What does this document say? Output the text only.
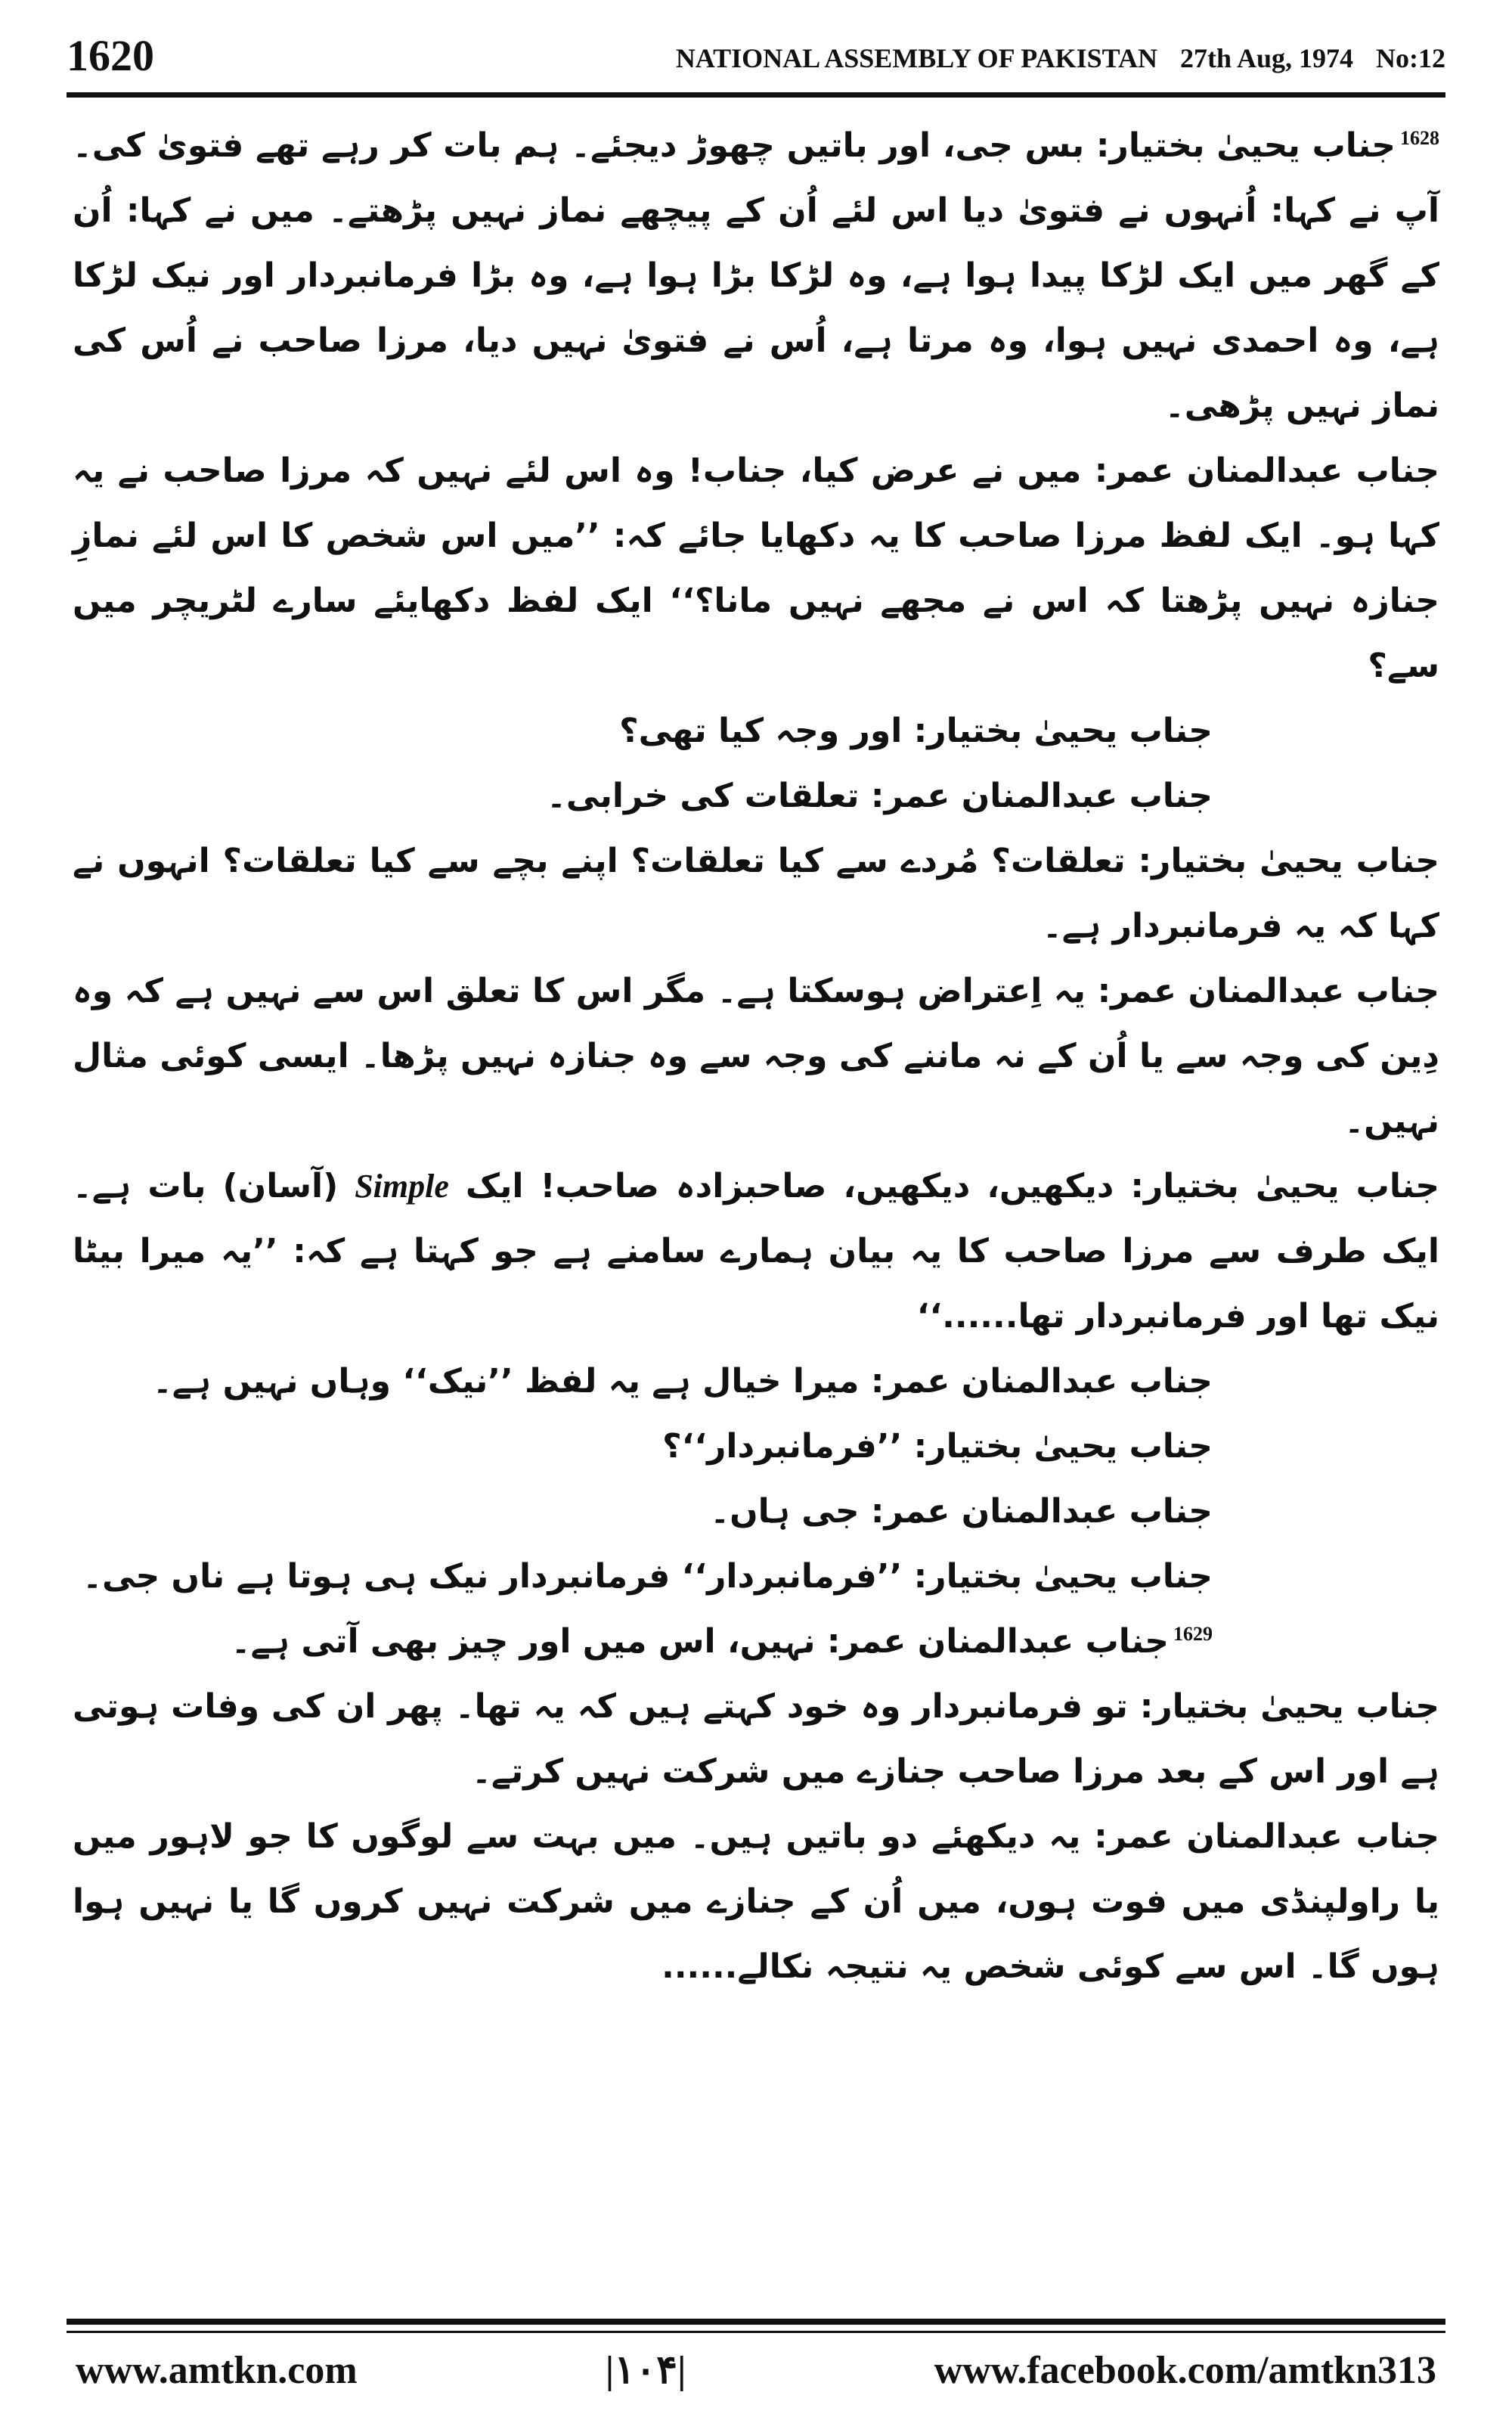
1620	NATIONAL ASSEMBLY OF PAKISTAN 27th Aug, 1974 No:12

$^{1628}$جناب یحییٰ بختیار: بس جی، اور باتیں چھوڑ دیجئے۔ ہم بات کر رہے تھے فتویٰ کی۔ آپ نے کہا: اُنہوں نے فتویٰ دیا اس لئے اُن کے پیچھے نماز نہیں پڑھتے۔ میں نے کہا: اُن کے گھر میں ایک لڑکا پیدا ہوا ہے، وہ لڑکا بڑا ہوا ہے، وہ بڑا فرمانبردار اور نیک لڑکا ہے، وہ احمدی نہیں ہوا، وہ مرتا ہے، اُس نے فتویٰ نہیں دیا، مرزا صاحب نے اُس کی نماز نہیں پڑھی۔

جناب عبدالمنان عمر: میں نے عرض کیا، جناب! وہ اس لئے نہیں کہ مرزا صاحب نے یہ کہا ہو۔ ایک لفظ مرزا صاحب کا یہ دکھایا جائے کہ: ’’میں اس شخص کا اس لئے نمازِ جنازہ نہیں پڑھتا کہ اس نے مجھے نہیں مانا؟‘‘ ایک لفظ دکھایئے سارے لٹریچر میں سے؟

جناب یحییٰ بختیار: اور وجہ کیا تھی؟

جناب عبدالمنان عمر: تعلقات کی خرابی۔

جناب یحییٰ بختیار: تعلقات؟ مُردے سے کیا تعلقات؟ اپنے بچے سے کیا تعلقات؟ انہوں نے کہا کہ یہ فرمانبردار ہے۔

جناب عبدالمنان عمر: یہ اِعتراض ہوسکتا ہے۔ مگر اس کا تعلق اس سے نہیں ہے کہ وہ دِین کی وجہ سے یا اُن کے نہ ماننے کی وجہ سے وہ جنازہ نہیں پڑھا۔ ایسی کوئی مثال نہیں۔

جناب یحییٰ بختیار: دیکھیں، دیکھیں، صاحبزادہ صاحب! ایک Simple (آسان) بات ہے۔ ایک طرف سے مرزا صاحب کا یہ بیان ہمارے سامنے ہے جو کہتا ہے کہ: ’’یہ میرا بیٹا نیک تھا اور فرمانبردار تھا......‘‘

جناب عبدالمنان عمر: میرا خیال ہے یہ لفظ ’’نیک‘‘ وہاں نہیں ہے۔

جناب یحییٰ بختیار: ’’فرمانبردار‘‘؟

جناب عبدالمنان عمر: جی ہاں۔

جناب یحییٰ بختیار: ’’فرمانبردار‘‘ فرمانبردار نیک ہی ہوتا ہے ناں جی۔

$^{1629}$جناب عبدالمنان عمر: نہیں، اس میں اور چیز بھی آتی ہے۔

جناب یحییٰ بختیار: تو فرمانبردار وہ خود کہتے ہیں کہ یہ تھا۔ پھر ان کی وفات ہوتی ہے اور اس کے بعد مرزا صاحب جنازے میں شرکت نہیں کرتے۔

جناب عبدالمنان عمر: یہ دیکھئے دو باتیں ہیں۔ میں بہت سے لوگوں کا جو لاہور میں یا راولپنڈی میں فوت ہوں، میں اُن کے جنازے میں شرکت نہیں کروں گا یا نہیں ہوا ہوں گا۔ اس سے کوئی شخص یہ نتیجہ نکالے......

www.amtkn.com	|۱۰۴|	www.facebook.com/amtkn313
